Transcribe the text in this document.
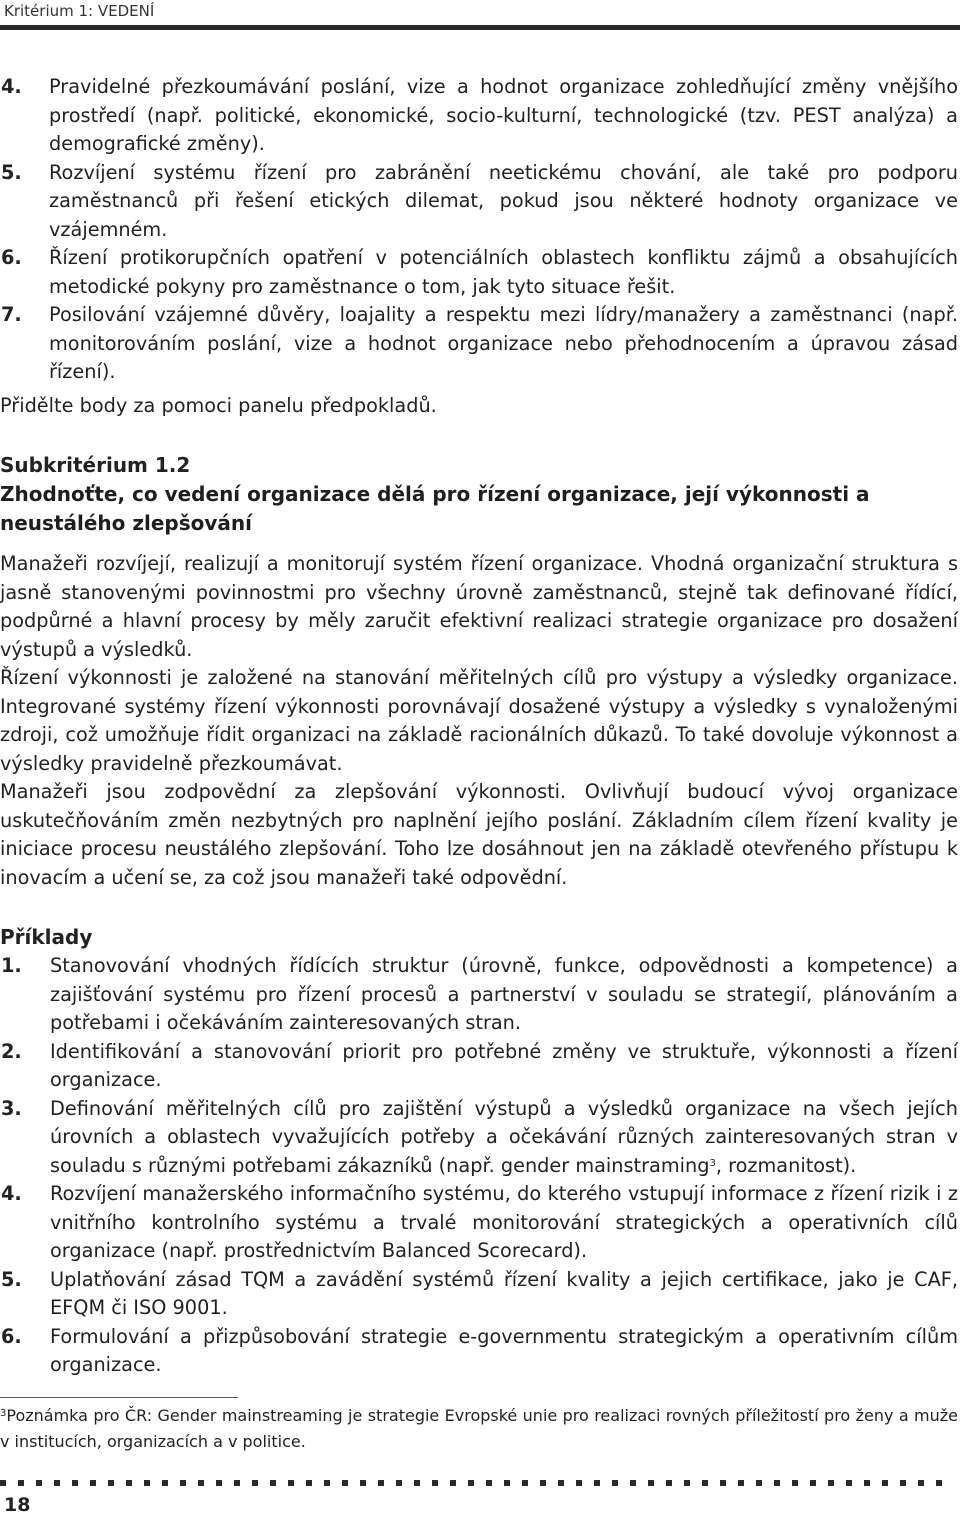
Kritérium 1: VEDENÍ
4.	Pravidelné přezkoumávání poslání, vize a hodnot organizace zohledňující změny vnějšího prostředí (např. politické, ekonomické, socio-kulturní, technologické (tzv. PEST analýza) a demografické změny).
5.	Rozvíjení systému řízení pro zabránění neetickému chování, ale také pro podporu zaměstnanců při řešení etických dilemat, pokud jsou některé hodnoty organizace ve vzájemném.
6.	Řízení protikorupčních opatření v potenciálních oblastech konfliktu zájmů a obsahujících metodické pokyny pro zaměstnance o tom, jak tyto situace řešit.
7.	Posilování vzájemné důvěry, loajality a respektu mezi lídry/manažery a zaměstnanci (např. monitorováním poslání, vize a hodnot organizace nebo přehodnocením a úpravou zásad řízení).

Přidělte body za pomoci panelu předpokladů.

Subkritérium 1.2
Zhodnoťte, co vedení organizace dělá pro řízení organizace, její výkonnosti a neustálého zlepšování

Manažeři rozvíjejí, realizují a monitorují systém řízení organizace. Vhodná organizační struktura s jasně stanovenými povinnostmi pro všechny úrovně zaměstnanců, stejně tak definované řídící, podpůrné a hlavní procesy by měly zaručit efektivní realizaci strategie organizace pro dosažení výstupů a výsledků.

Řízení výkonnosti je založené na stanování měřitelných cílů pro výstupy a výsledky organizace. Integrované systémy řízení výkonnosti porovnávají dosažené výstupy a výsledky s vynaloženými zdroji, což umožňuje řídit organizaci na základě racionálních důkazů. To také dovoluje výkonnost a výsledky pravidelně přezkoumávat.

Manažeři jsou zodpovědní za zlepšování výkonnosti. Ovlivňují budoucí vývoj organizace uskutečňováním změn nezbytných pro naplnění jejího poslání. Základním cílem řízení kvality je iniciace procesu neustálého zlepšování. Toho lze dosáhnout jen na základě otevřeného přístupu k inovacím a učení se, za což jsou manažeři také odpovědní.

Příklady
1.	Stanovování vhodných řídících struktur (úrovně, funkce, odpovědnosti a kompetence) a zajišťování systému pro řízení procesů a partnerství v souladu se strategií, plánováním a potřebami i očekáváním zainteresovaných stran.
2.	Identifikování a stanovování priorit pro potřebné změny ve struktuře, výkonnosti a řízení organizace.
3.	Definování měřitelných cílů pro zajištění výstupů a výsledků organizace na všech jejích úrovních a oblastech vyvažujících potřeby a očekávání různých zainteresovaných stran v souladu s různými potřebami zákazníků (např. gender mainstraming$^3$, rozmanitost).
4.	Rozvíjení manažerského informačního systému, do kterého vstupují informace z řízení rizik i z vnitřního kontrolního systému a trvalé monitorování strategických a operativních cílů organizace (např. prostřednictvím Balanced Scorecard).
5.	Uplatňování zásad TQM a zavádění systémů řízení kvality a jejich certifikace, jako je CAF, EFQM či ISO 9001.
6.	Formulování a přizpůsobování strategie e-governmentu strategickým a operativním cílům organizace.
$^3$Poznámka pro ČR: Gender mainstreaming je strategie Evropské unie pro realizaci rovných příležitostí pro ženy a muže v institucích, organizacích a v politice.
18
